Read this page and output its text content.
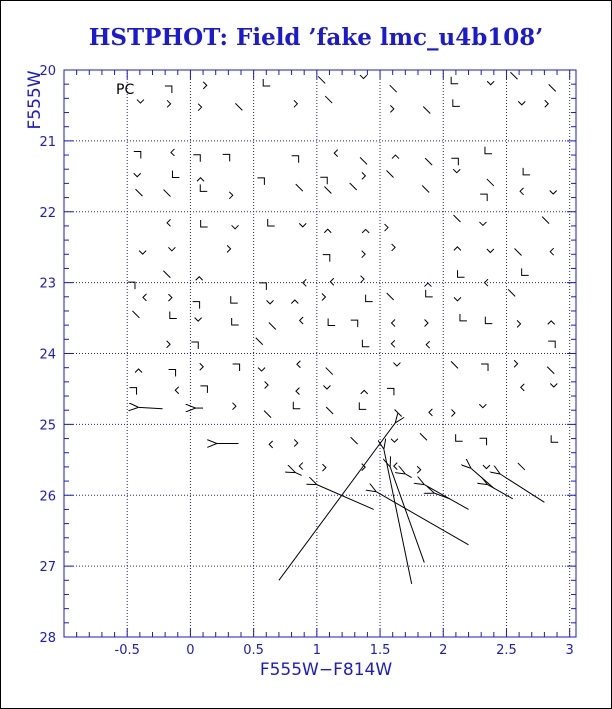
HSTPHOT: Field ’fake lmc_u4b108’
PC
-0.5	0	0.5	1	1.5	2	2.5	3
20
21
22
23
24
25
26
27
28
F555W−F814W
F555W
